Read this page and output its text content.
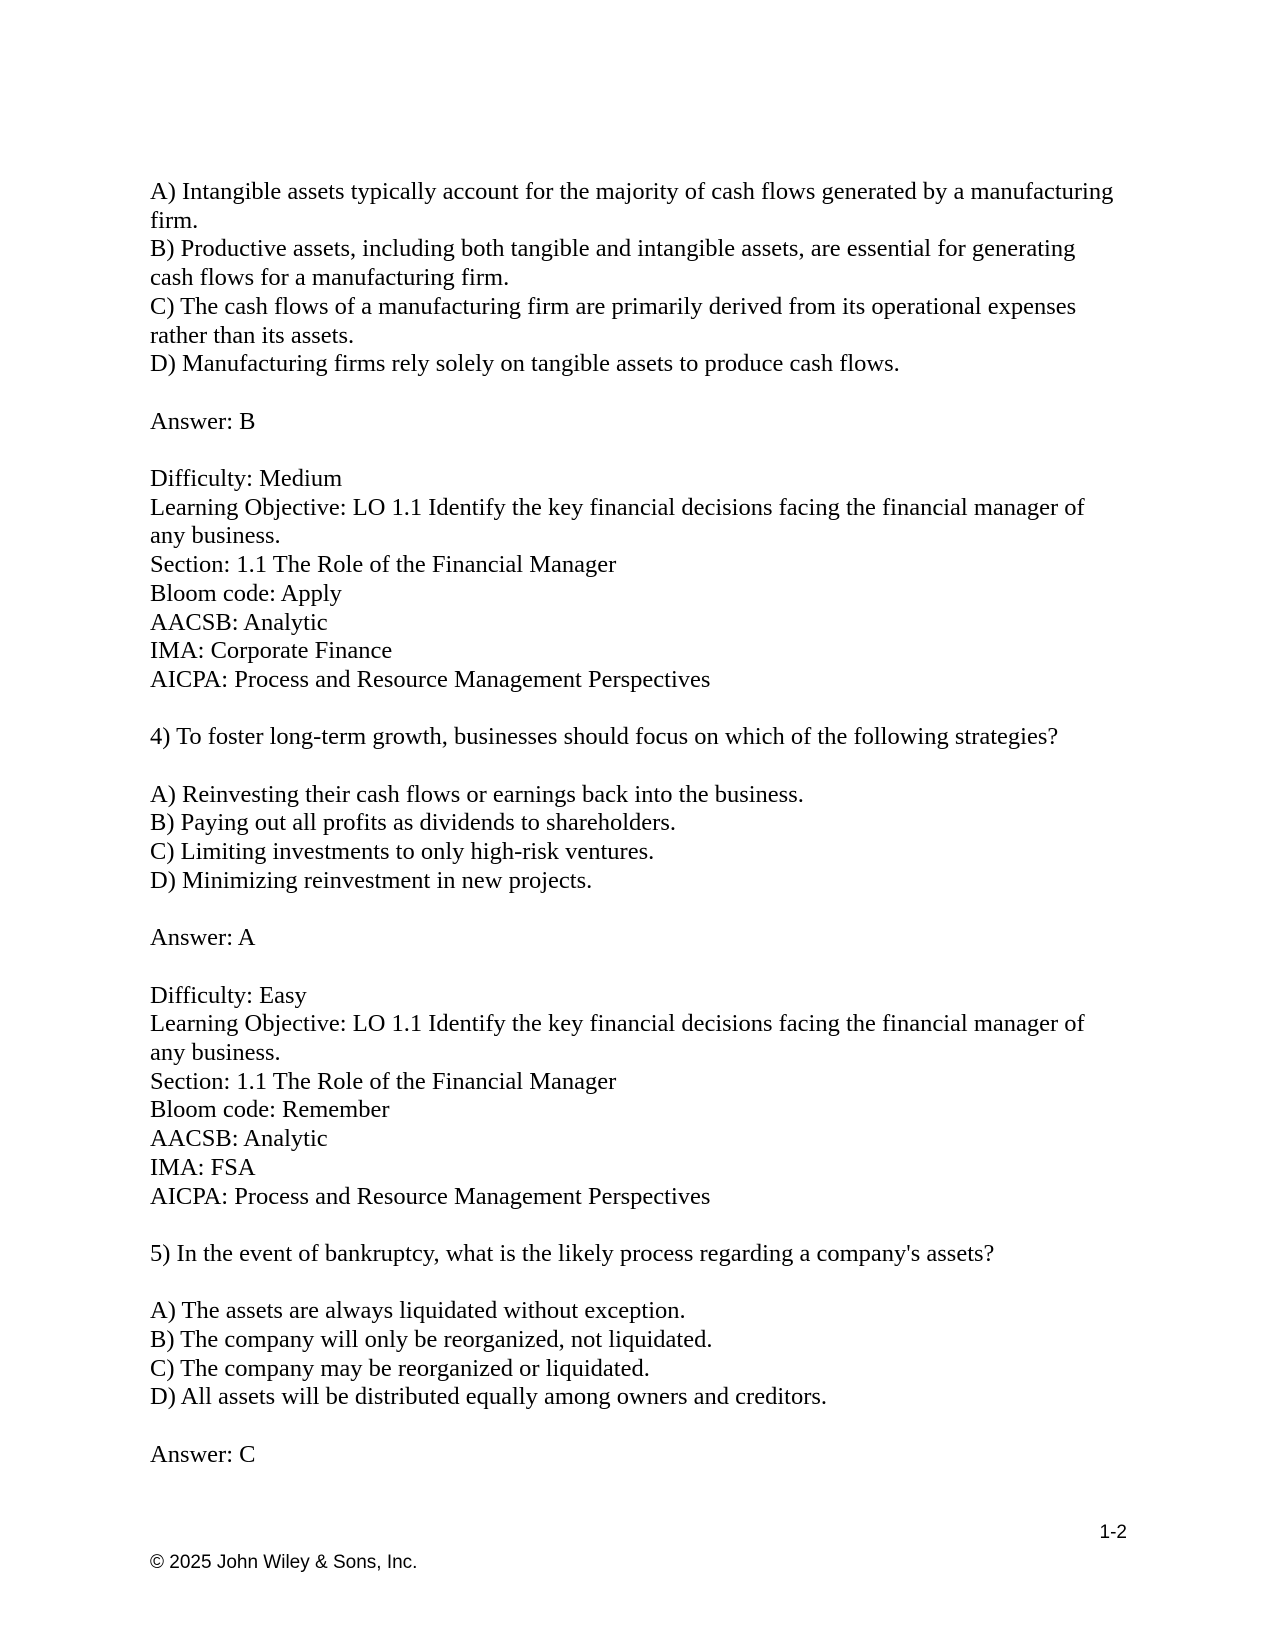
A) Intangible assets typically account for the majority of cash flows generated by a manufacturing
firm.
B) Productive assets, including both tangible and intangible assets, are essential for generating
cash flows for a manufacturing firm.
C) The cash flows of a manufacturing firm are primarily derived from its operational expenses
rather than its assets.
D) Manufacturing firms rely solely on tangible assets to produce cash flows.
Answer: B
Difficulty: Medium
Learning Objective: LO 1.1 Identify the key financial decisions facing the financial manager of
any business.
Section: 1.1 The Role of the Financial Manager
Bloom code: Apply
AACSB: Analytic
IMA: Corporate Finance
AICPA: Process and Resource Management Perspectives
4) To foster long-term growth, businesses should focus on which of the following strategies?
A) Reinvesting their cash flows or earnings back into the business.
B) Paying out all profits as dividends to shareholders.
C) Limiting investments to only high-risk ventures.
D) Minimizing reinvestment in new projects.
Answer: A
Difficulty: Easy
Learning Objective: LO 1.1 Identify the key financial decisions facing the financial manager of
any business.
Section: 1.1 The Role of the Financial Manager
Bloom code: Remember
AACSB: Analytic
IMA: FSA
AICPA: Process and Resource Management Perspectives
5) In the event of bankruptcy, what is the likely process regarding a company's assets?
A) The assets are always liquidated without exception.
B) The company will only be reorganized, not liquidated.
C) The company may be reorganized or liquidated.
D) All assets will be distributed equally among owners and creditors.
Answer: C
1-2
© 2025 John Wiley & Sons, Inc.
